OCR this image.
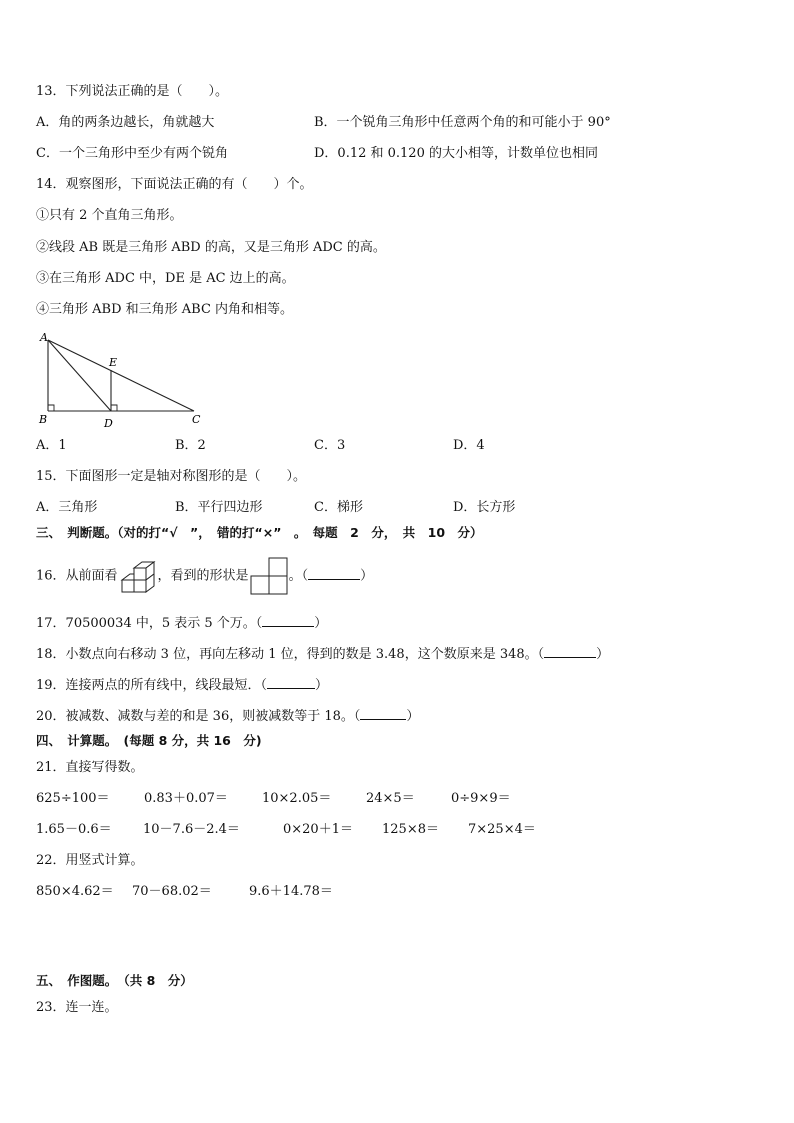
13．下列说法正确的是（　　）。
A．角的两条边越长，角就越大	B．一个锐角三角形中任意两个角的和可能小于 90°
C．一个三角形中至少有两个锐角	D．0.12 和 0.120 的大小相等，计数单位也相同
14．观察图形，下面说法正确的有（　　）个。
①只有 2 个直角三角形。
②线段 AB 既是三角形 ABD 的高，又是三角形 ADC 的高。
③在三角形 ADC 中，DE 是 AC 边上的高。
④三角形 ABD 和三角形 ABC 内角和相等。
A
B	C
D
E
A．1	B．2	C．3	D．4
15．下面图形一定是轴对称图形的是（　　）。
A．三角形	B．平行四边形	C．梯形	D．长方形
三、　判断题。（对的打“√　”，　错的打“×”　。　每题　2　分，　共　10　分）
16．从前面看	，看到的形状是	。（	）
17．70500034 中，5 表示 5 个万。（	）
18．小数点向右移动 3 位，再向左移动 1 位，得到的数是 3.48，这个数原来是 348。（	）
19．连接两点的所有线中，线段最短．（	）
20．被减数、减数与差的和是 36，则被减数等于 18。（	）
四、　计算题。　(每题 8 分，共 16　分)
21．直接写得数。
625÷100＝	0.83＋0.07＝	10×2.05＝	24×5＝	0÷9×9＝
1.65－0.6＝ 10－7.6－2.4＝	0×20＋1＝ 125×8＝ 7×25×4＝
22．用竖式计算。
850×4.62＝ 70－68.02＝	9.6＋14.78＝
五、　作图题。　（共 8　分）
23．连一连。
